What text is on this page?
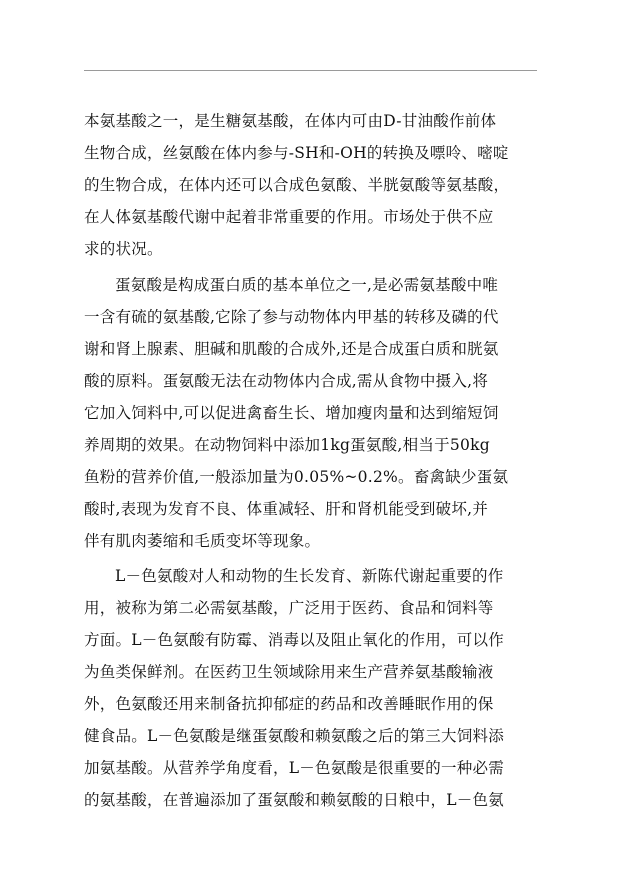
本氨基酸之一，是生糖氨基酸，在体内可由D-甘油酸作前体
生物合成，丝氨酸在体内参与-SH和-OH的转换及嘌呤、嘧啶
的生物合成，在体内还可以合成色氨酸、半胱氨酸等氨基酸，
在人体氨基酸代谢中起着非常重要的作用。市场处于供不应
求的状况。
蛋氨酸是构成蛋白质的基本单位之一,是必需氨基酸中唯
一含有硫的氨基酸,它除了参与动物体内甲基的转移及磷的代
谢和肾上腺素、胆碱和肌酸的合成外,还是合成蛋白质和胱氨
酸的原料。蛋氨酸无法在动物体内合成,需从食物中摄入,将
它加入饲料中,可以促进禽畜生长、增加瘦肉量和达到缩短饲
养周期的效果。在动物饲料中添加1kg蛋氨酸,相当于50kg
鱼粉的营养价值,一般添加量为0.05%~0.2%。畜禽缺少蛋氨
酸时,表现为发育不良、体重减轻、肝和肾机能受到破坏,并
伴有肌肉萎缩和毛质变坏等现象。
L－色氨酸对人和动物的生长发育、新陈代谢起重要的作
用，被称为第二必需氨基酸，广泛用于医药、食品和饲料等
方面。L－色氨酸有防霉、消毒以及阻止氧化的作用，可以作
为鱼类保鲜剂。在医药卫生领域除用来生产营养氨基酸输液
外，色氨酸还用来制备抗抑郁症的药品和改善睡眠作用的保
健食品。L－色氨酸是继蛋氨酸和赖氨酸之后的第三大饲料添
加氨基酸。从营养学角度看，L－色氨酸是很重要的一种必需
的氨基酸，在普遍添加了蛋氨酸和赖氨酸的日粮中，L－色氨
